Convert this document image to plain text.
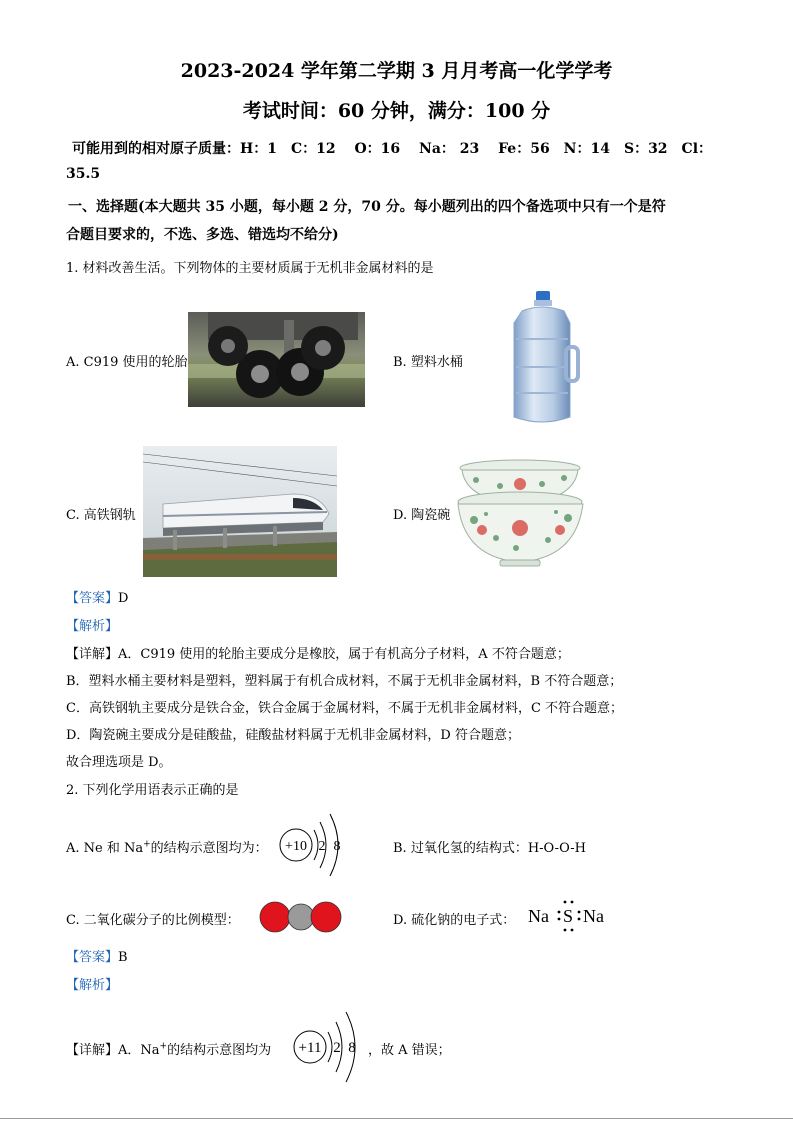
2023-2024 学年第二学期 3 月月考高一化学学考
考试时间：60 分钟，满分：100 分
可能用到的相对原子质量：H：1　C：12　 O：16　 Na： 23　 Fe：56　N：14　S：32　Cl：
35.5
一、选择题(本大题共 35 小题，每小题 2 分，70 分。每小题列出的四个备选项中只有一个是符
合题目要求的，不选、多选、错选均不给分)
1. 材料改善生活。下列物体的主要材质属于无机非金属材料的是
A. C919 使用的轮胎	B. 塑料水桶
C. 高铁钢轨	D. 陶瓷碗
【答案】D
【解析】
【详解】A．C919 使用的轮胎主要成分是橡胶，属于有机高分子材料，A 不符合题意；
B．塑料水桶主要材料是塑料，塑料属于有机合成材料，不属于无机非金属材料，B 不符合题意；
C．高铁钢轨主要成分是铁合金，铁合金属于金属材料，不属于无机非金属材料，C 不符合题意；
D．陶瓷碗主要成分是硅酸盐，硅酸盐材料属于无机非金属材料，D 符合题意；
故合理选项是 D。
2. 下列化学用语表示正确的是
A. Ne 和 Na+的结构示意图均为： +10 2 8	B. 过氧化氢的结构式：H-O-O-H
C. 二氧化碳分子的比例模型：	D. 硫化钠的电子式： Na S Na
【答案】B
【解析】
【详解】A．Na+的结构示意图均为 +11 2 8 ，故 A 错误；
